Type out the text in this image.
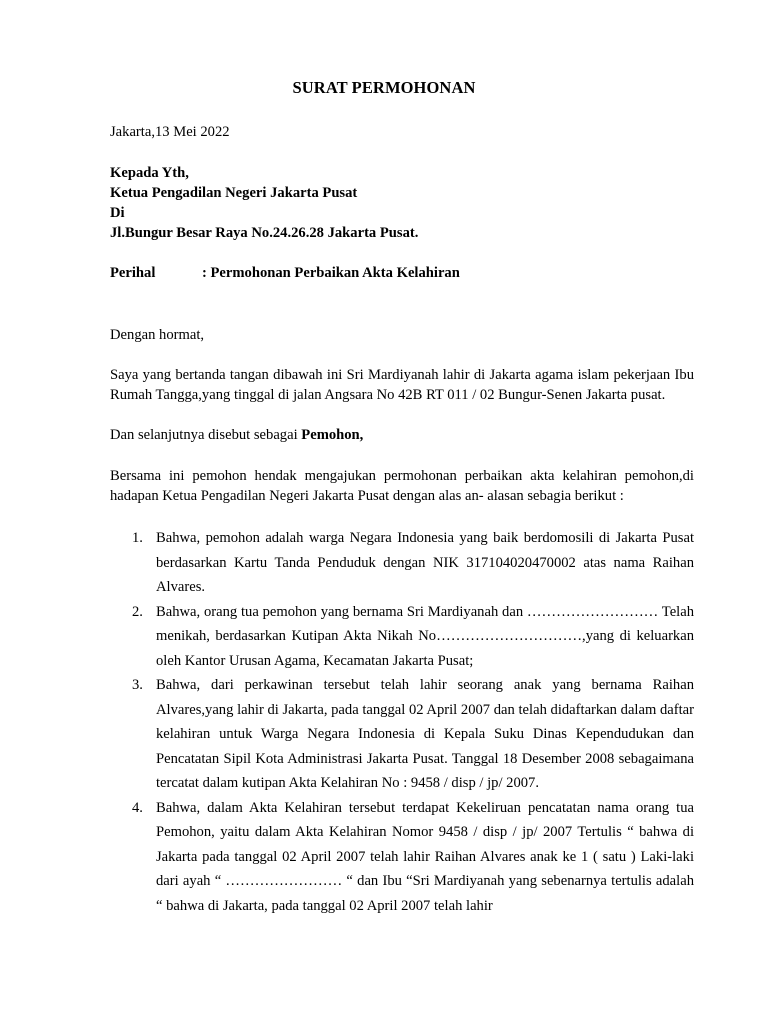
SURAT PERMOHONAN

Jakarta,13 Mei 2022

Kepada Yth,

Ketua Pengadilan Negeri Jakarta Pusat

Di

Jl.Bungur Besar Raya No.24.26.28 Jakarta Pusat.

Perihal	: Permohonan Perbaikan Akta Kelahiran

Dengan hormat,

Saya yang bertanda tangan dibawah ini Sri Mardiyanah lahir di Jakarta agama islam pekerjaan Ibu Rumah Tangga,yang tinggal di jalan Angsara No 42B RT 011 / 02 Bungur-Senen Jakarta pusat.

Dan selanjutnya disebut sebagai Pemohon,

Bersama ini pemohon hendak mengajukan permohonan perbaikan akta kelahiran pemohon,di hadapan Ketua Pengadilan Negeri Jakarta Pusat dengan alas an- alasan sebagia berikut :

1. Bahwa, pemohon adalah warga Negara Indonesia yang baik berdomosili di Jakarta Pusat berdasarkan Kartu Tanda Penduduk dengan NIK 317104020470002 atas nama Raihan Alvares.
2. Bahwa, orang tua pemohon yang bernama Sri Mardiyanah dan ……………………… Telah menikah, berdasarkan Kutipan Akta Nikah No…………………………,yang di keluarkan oleh Kantor Urusan Agama, Kecamatan Jakarta Pusat;
3. Bahwa, dari perkawinan tersebut telah lahir seorang anak yang bernama Raihan Alvares,yang lahir di Jakarta, pada tanggal 02 April 2007 dan telah didaftarkan dalam daftar kelahiran untuk Warga Negara Indonesia di Kepala Suku Dinas Kependudukan dan Pencatatan Sipil Kota Administrasi Jakarta Pusat. Tanggal 18 Desember 2008 sebagaimana tercatat dalam kutipan Akta Kelahiran No : 9458 / disp / jp/ 2007.
4. Bahwa, dalam Akta Kelahiran tersebut terdapat Kekeliruan pencatatan nama orang tua Pemohon, yaitu dalam Akta Kelahiran Nomor 9458 / disp / jp/ 2007 Tertulis “ bahwa di Jakarta pada tanggal 02 April 2007 telah lahir Raihan Alvares anak ke 1 ( satu ) Laki-laki dari ayah “ …………………… “ dan Ibu “Sri Mardiyanah yang sebenarnya tertulis adalah “ bahwa di Jakarta, pada tanggal 02 April 2007 telah lahir
